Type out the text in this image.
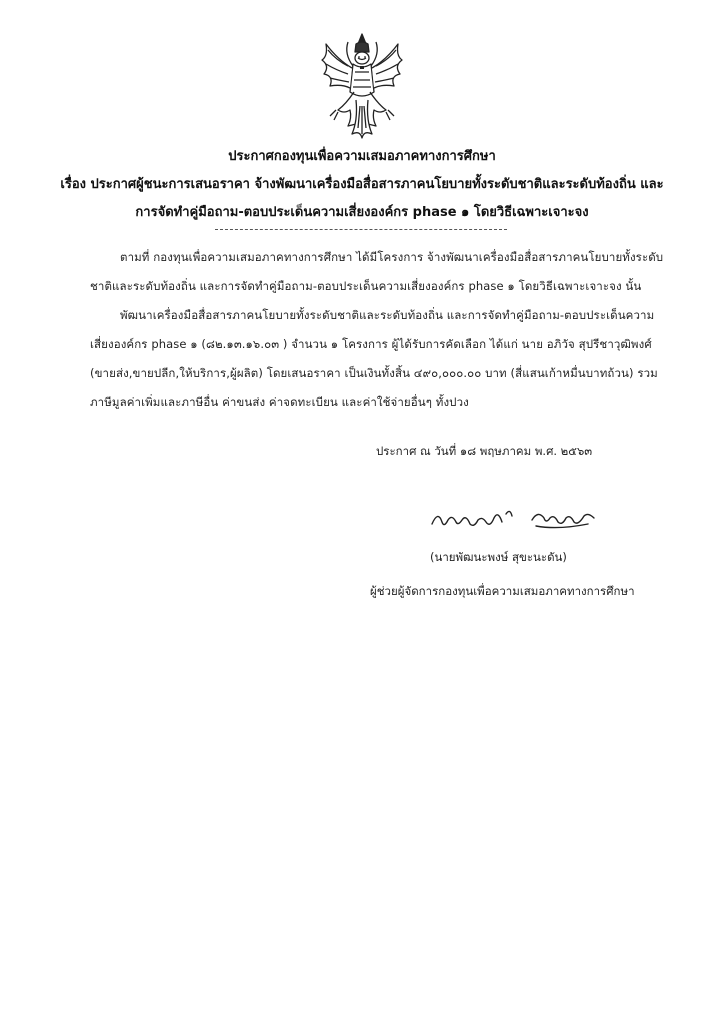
ประกาศกองทุนเพื่อความเสมอภาคทางการศึกษา
เรื่อง ประกาศผู้ชนะการเสนอราคา จ้างพัฒนาเครื่องมือสื่อสารภาคนโยบายทั้งระดับชาติและระดับท้องถิ่น และ
การจัดทำคู่มือถาม-ตอบประเด็นความเสี่ยงองค์กร phase ๑ โดยวิธีเฉพาะเจาะจง
ตามที่ กองทุนเพื่อความเสมอภาคทางการศึกษา ได้มีโครงการ จ้างพัฒนาเครื่องมือสื่อสารภาคนโยบายทั้งระดับ
ชาติและระดับท้องถิ่น และการจัดทำคู่มือถาม-ตอบประเด็นความเสี่ยงองค์กร phase ๑ โดยวิธีเฉพาะเจาะจง นั้น
พัฒนาเครื่องมือสื่อสารภาคนโยบายทั้งระดับชาติและระดับท้องถิ่น และการจัดทำคู่มือถาม-ตอบประเด็นความ
เสี่ยงองค์กร phase ๑ (๘๒.๑๓.๑๖.๐๓ ) จำนวน ๑ โครงการ ผู้ได้รับการคัดเลือก ได้แก่ นาย อภิวัจ สุปรีชาวุฒิพงศ์
(ขายส่ง,ขายปลีก,ให้บริการ,ผู้ผลิต) โดยเสนอราคา เป็นเงินทั้งสิ้น ๔๙๐,๐๐๐.๐๐ บาท (สี่แสนเก้าหมื่นบาทถ้วน) รวม
ภาษีมูลค่าเพิ่มและภาษีอื่น ค่าขนส่ง ค่าจดทะเบียน และค่าใช้จ่ายอื่นๆ ทั้งปวง
ประกาศ ณ วันที่ ๑๘ พฤษภาคม พ.ศ. ๒๕๖๓
(นายพัฒนะพงษ์ สุขะนะดัน)
ผู้ช่วยผู้จัดการกองทุนเพื่อความเสมอภาคทางการศึกษา
